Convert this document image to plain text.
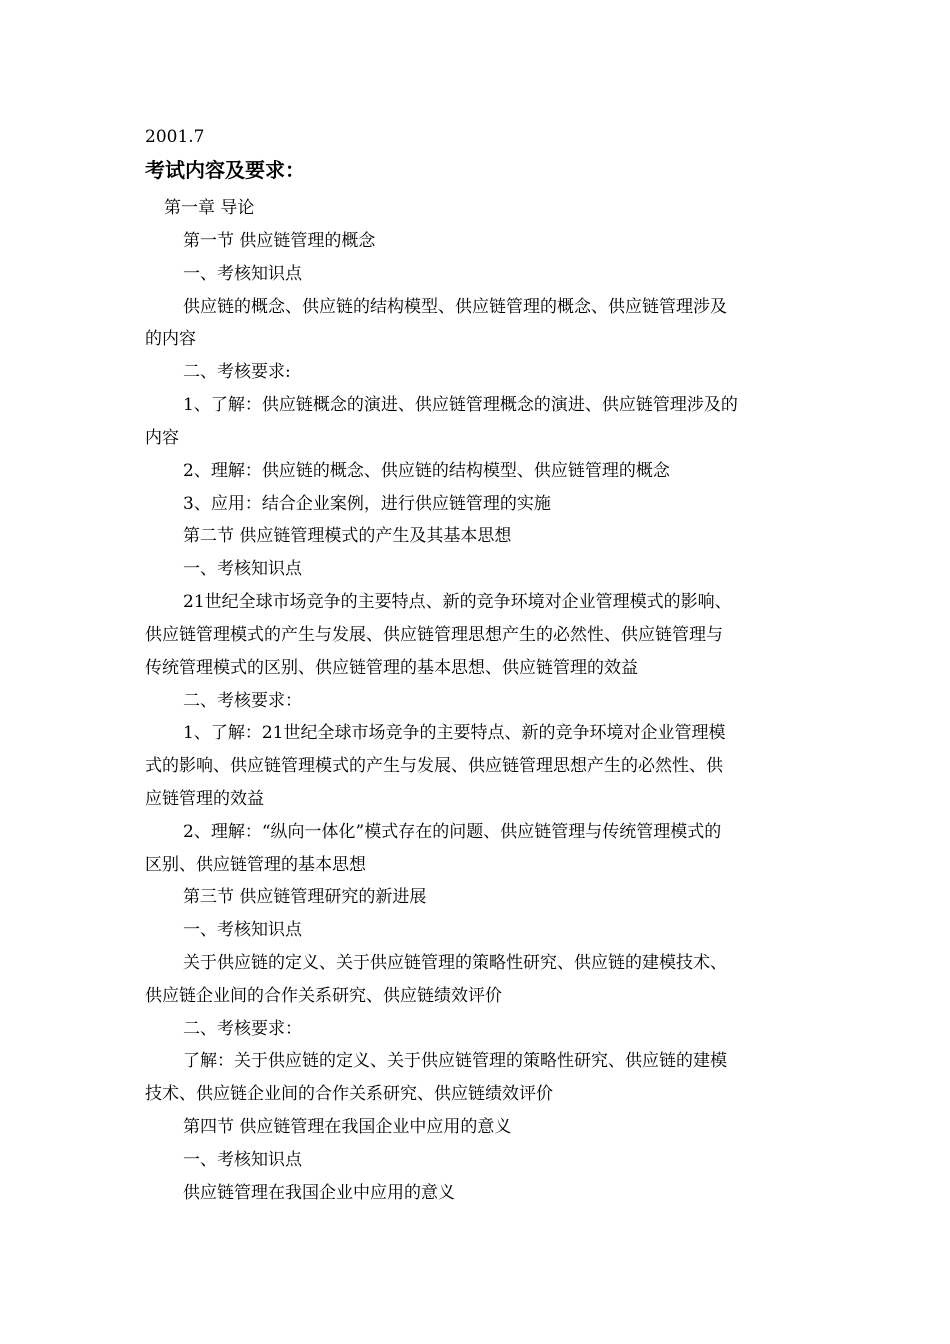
2001.7
考试内容及要求：
第一章 导论
第一节 供应链管理的概念
一、考核知识点
供应链的概念、供应链的结构模型、供应链管理的概念、供应链管理涉及
的内容
二、考核要求:
1、了解：供应链概念的演进、供应链管理概念的演进、供应链管理涉及的
内容
2、理解：供应链的概念、供应链的结构模型、供应链管理的概念
3、应用：结合企业案例，进行供应链管理的实施
第二节 供应链管理模式的产生及其基本思想
一、考核知识点
21世纪全球市场竞争的主要特点、新的竞争环境对企业管理模式的影响、
供应链管理模式的产生与发展、供应链管理思想产生的必然性、供应链管理与
传统管理模式的区别、供应链管理的基本思想、供应链管理的效益
二、考核要求：
1、了解：21世纪全球市场竞争的主要特点、新的竞争环境对企业管理模
式的影响、供应链管理模式的产生与发展、供应链管理思想产生的必然性、供
应链管理的效益
2、理解：“纵向一体化”模式存在的问题、供应链管理与传统管理模式的
区别、供应链管理的基本思想
第三节 供应链管理研究的新进展
一、考核知识点
关于供应链的定义、关于供应链管理的策略性研究、供应链的建模技术、
供应链企业间的合作关系研究、供应链绩效评价
二、考核要求：
了解：关于供应链的定义、关于供应链管理的策略性研究、供应链的建模
技术、供应链企业间的合作关系研究、供应链绩效评价
第四节 供应链管理在我国企业中应用的意义
一、考核知识点
供应链管理在我国企业中应用的意义
